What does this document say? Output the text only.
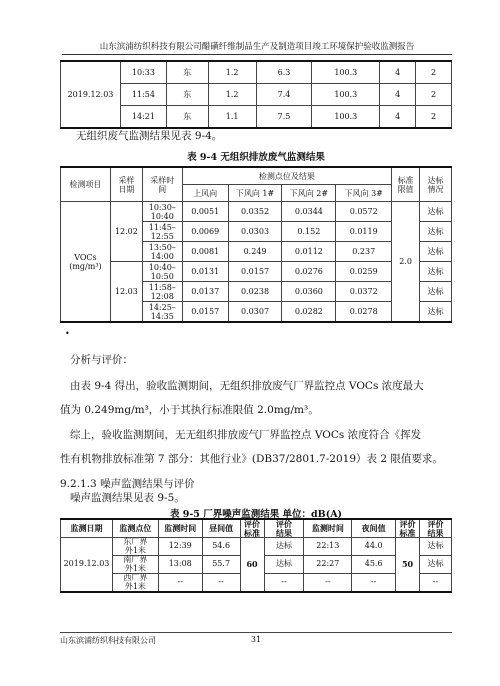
山东滨浦纺织科技有限公司醋磺纤维制品生产及制造项目竣工环境保护验收监测报告
2019.12.03	10:33	东	1.2	6.3	100.3	4	2
	11:54	东	1.2	7.4	100.3	4	2
	14:21	东	1.1	7.5	100.3	4	2
无组织废气监测结果见表 9-4。
表 9-4 无组织排放废气监测结果
检测项目	采样日期	采样时间	检测点位及结果				标准限值	达标情况
			上风向	下风向 1#	下风向 2#	下风向 3#		
VOCs
(mg/m³)	12.02	10:30–10:40	0.0051	0.0352	0.0344	0.0572	2.0	达标
		11:45–12:55	0.0069	0.0303	0.152	0.0119		达标
		13:50–14:00	0.0081	0.249	0.0112	0.237		达标
	12.03	10:40–10:50	0.0131	0.0157	0.0276	0.0259		达标
		11:58–12:08	0.0137	0.0238	0.0360	0.0372		达标
		14:25–14:35	0.0157	0.0307	0.0282	0.0278		达标
•
分析与评价：
由表 9-4 得出，验收监测期间，无组织排放废气厂界监控点 VOCs 浓度最大
值为 0.249mg/m³，小于其执行标准限值 2.0mg/m³。
综上，验收监测期间，无无组织排放废气厂界监控点 VOCs 浓度符合《挥发
性有机物排放标准第 7 部分：其他行业》(DB37/2801.7-2019）表 2 限值要求。
9.2.1.3 噪声监测结果与评价
噪声监测结果见表 9-5。
表 9-5 厂界噪声监测结果 单位：dB(A)
监测日期	监测点位	监测时间	昼间值	评价标准	评价结果	监测时间	夜间值	评价标准	评价结果
2019.12.03	东厂界外1米	12:39	54.6	60	达标	22:13	44.0	50	达标
	南厂界外1米	13:08	55.7		达标	22:27	45.6		达标
	西厂界外1米	--	--		--	--	--		--
山东滨浦纺织科技有限公司	31
